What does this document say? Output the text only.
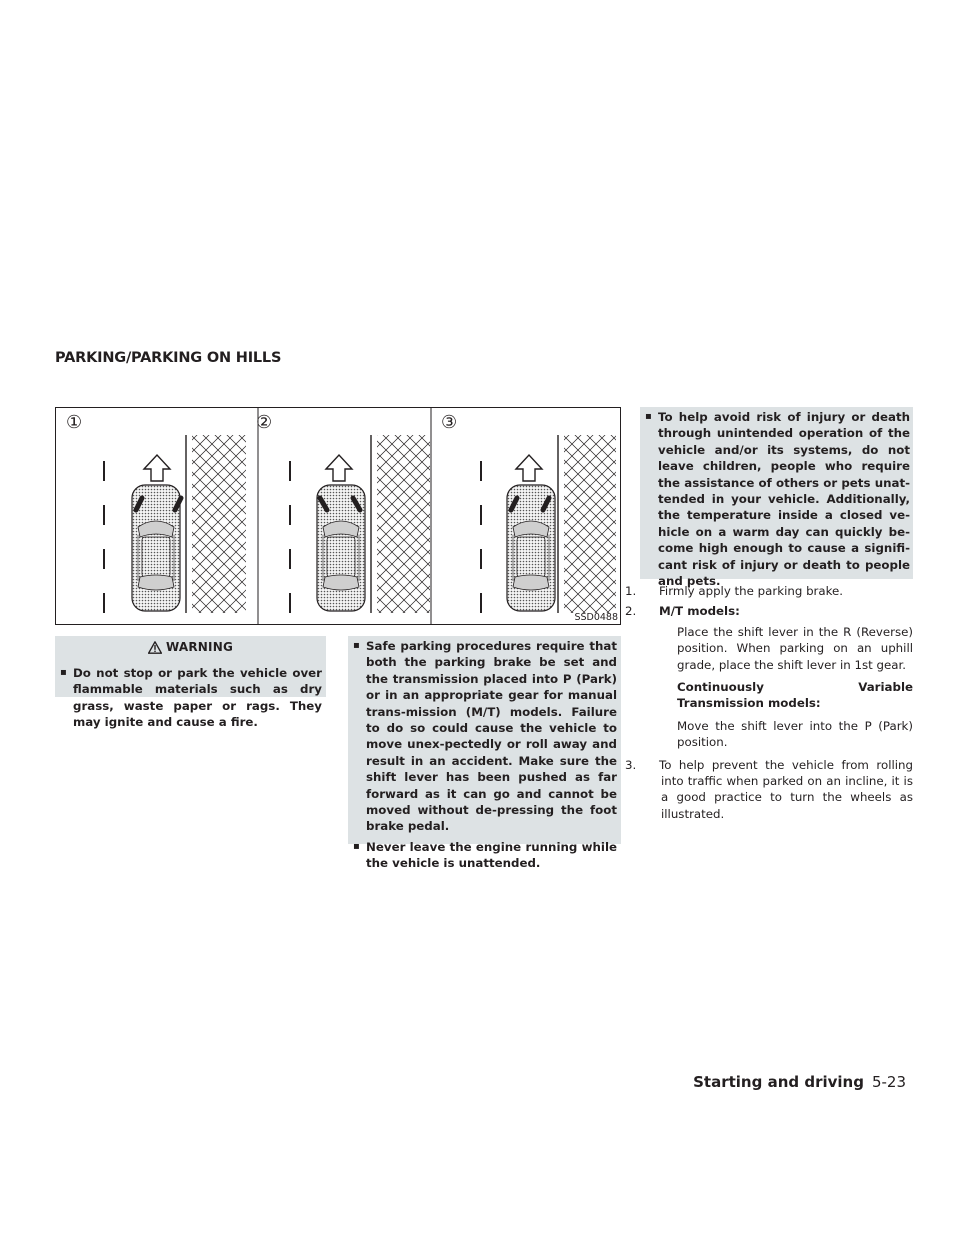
PARKING/PARKING ON HILLS
①	②	③
SSD0488
WARNING
▪ Do not stop or park the vehicle over flammable materials such as dry grass, waste paper or rags. They may ignite and cause a fire.
▪ Safe parking procedures require that both the parking brake be set and the transmission placed into P (Park) or in an appropriate gear for manual trans-mission (M/T) models. Failure to do so could cause the vehicle to move unex-pectedly or roll away and result in an accident. Make sure the shift lever has been pushed as far forward as it can go and cannot be moved without de-pressing the foot brake pedal.
▪ Never leave the engine running while the vehicle is unattended.
▪ To help avoid risk of injury or death through unintended operation of the vehicle and/or its systems, do not leave children, people who require the assistance of others or pets unat-tended in your vehicle. Additionally, the temperature inside a closed ve-hicle on a warm day can quickly be-come high enough to cause a signifi-cant risk of injury or death to people and pets.

1. Firmly apply the parking brake.

2. M/T models:

Place the shift lever in the R (Reverse) position. When parking on an uphill grade, place the shift lever in 1st gear.

Continuously Variable Transmission models:

Move the shift lever into the P (Park) position.

3. To help prevent the vehicle from rolling into traffic when parked on an incline, it is a good practice to turn the wheels as illustrated.

Starting and driving 5-23
